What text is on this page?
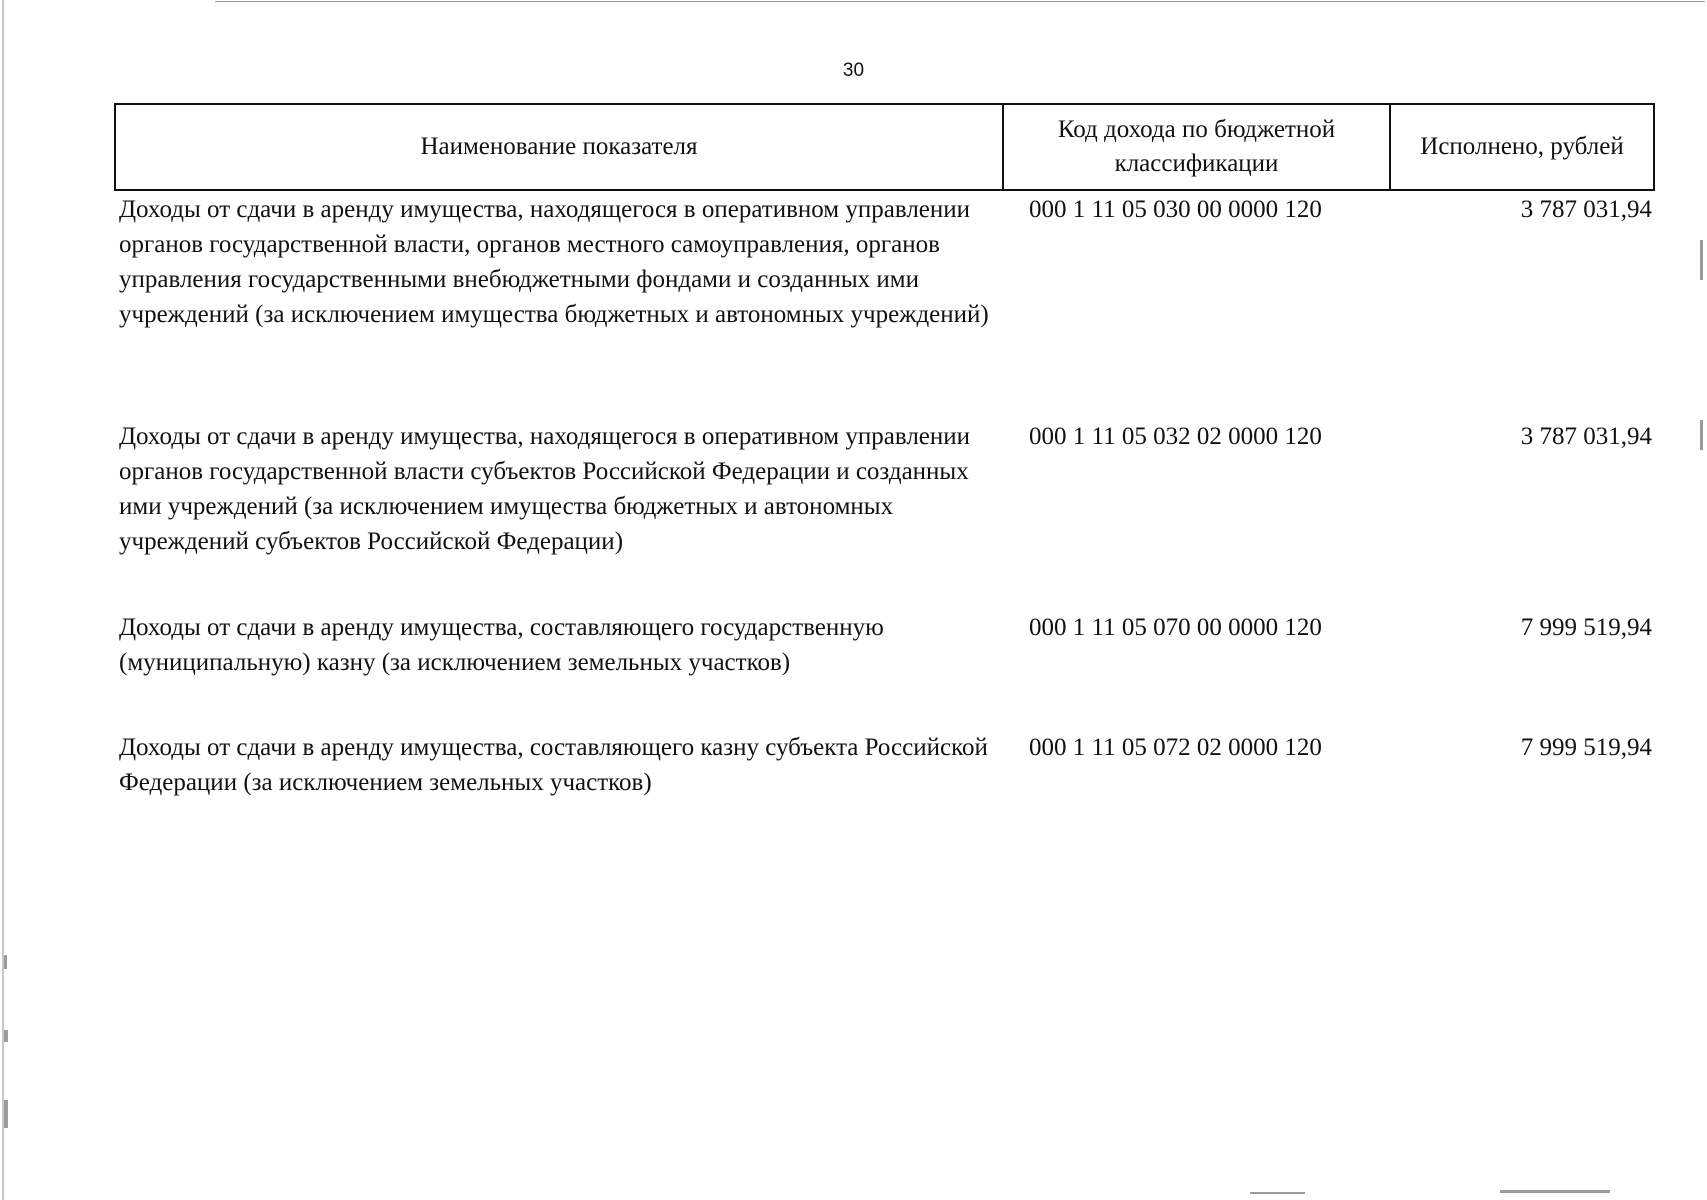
30
Наименование показателя	Код дохода по бюджетной классификации	Исполнено, рублей
Доходы от сдачи в аренду имущества, находящегося в оперативном управлении органов государственной власти, органов местного самоуправления, органов управления государственными внебюджетными фондами и созданных ими учреждений (за исключением имущества бюджетных и автономных учреждений)	000 1 11 05 030 00 0000 120	3 787 031,94
Доходы от сдачи в аренду имущества, находящегося в оперативном управлении органов государственной власти субъектов Российской Федерации и созданных ими учреждений (за исключением имущества бюджетных и автономных учреждений субъектов Российской Федерации)	000 1 11 05 032 02 0000 120	3 787 031,94
Доходы от сдачи в аренду имущества, составляющего государственную (муниципальную) казну (за исключением земельных участков)	000 1 11 05 070 00 0000 120	7 999 519,94
Доходы от сдачи в аренду имущества, составляющего казну субъекта Российской Федерации (за исключением земельных участков)	000 1 11 05 072 02 0000 120	7 999 519,94
